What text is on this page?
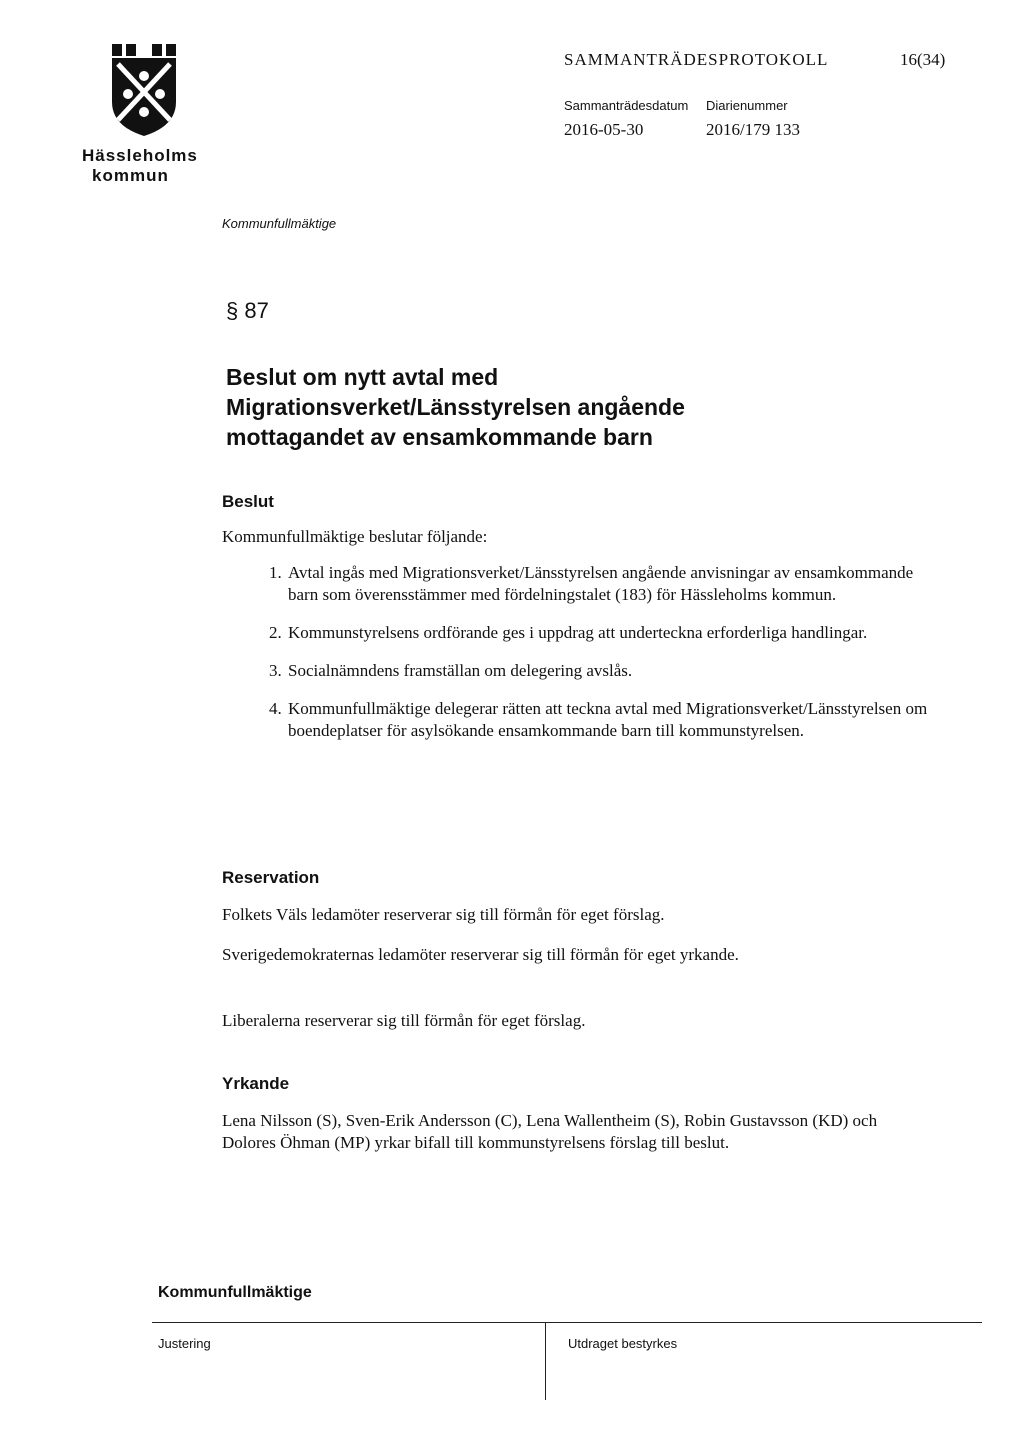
Hässleholms
kommun
SAMMANTRÄDESPROTOKOLL	16(34)
Sammanträdesdatum Diarienummer
2016-05-30	2016/179 133
Kommunfullmäktige
§ 87
Beslut om nytt avtal med Migrationsverket/Länsstyrelsen angående mottagandet av ensamkommande barn
Beslut
Kommunfullmäktige beslutar följande:
1. Avtal ingås med Migrationsverket/Länsstyrelsen angående anvisningar av ensamkommande barn som överensstämmer med fördelningstalet (183) för Hässleholms kommun.
2. Kommunstyrelsens ordförande ges i uppdrag att underteckna erforderliga handlingar.
3. Socialnämndens framställan om delegering avslås.
4. Kommunfullmäktige delegerar rätten att teckna avtal med Migrationsverket/Länsstyrelsen om boendeplatser för asylsökande ensamkommande barn till kommunstyrelsen.
Reservation
Folkets Väls ledamöter reserverar sig till förmån för eget förslag.
Sverigedemokraternas ledamöter reserverar sig till förmån för eget yrkande.
Liberalerna reserverar sig till förmån för eget förslag.
Yrkande
Lena Nilsson (S), Sven-Erik Andersson (C), Lena Wallentheim (S), Robin Gustavsson (KD) och Dolores Öhman (MP) yrkar bifall till kommunstyrelsens förslag till beslut.
Kommunfullmäktige
Justering	Utdraget bestyrkes
